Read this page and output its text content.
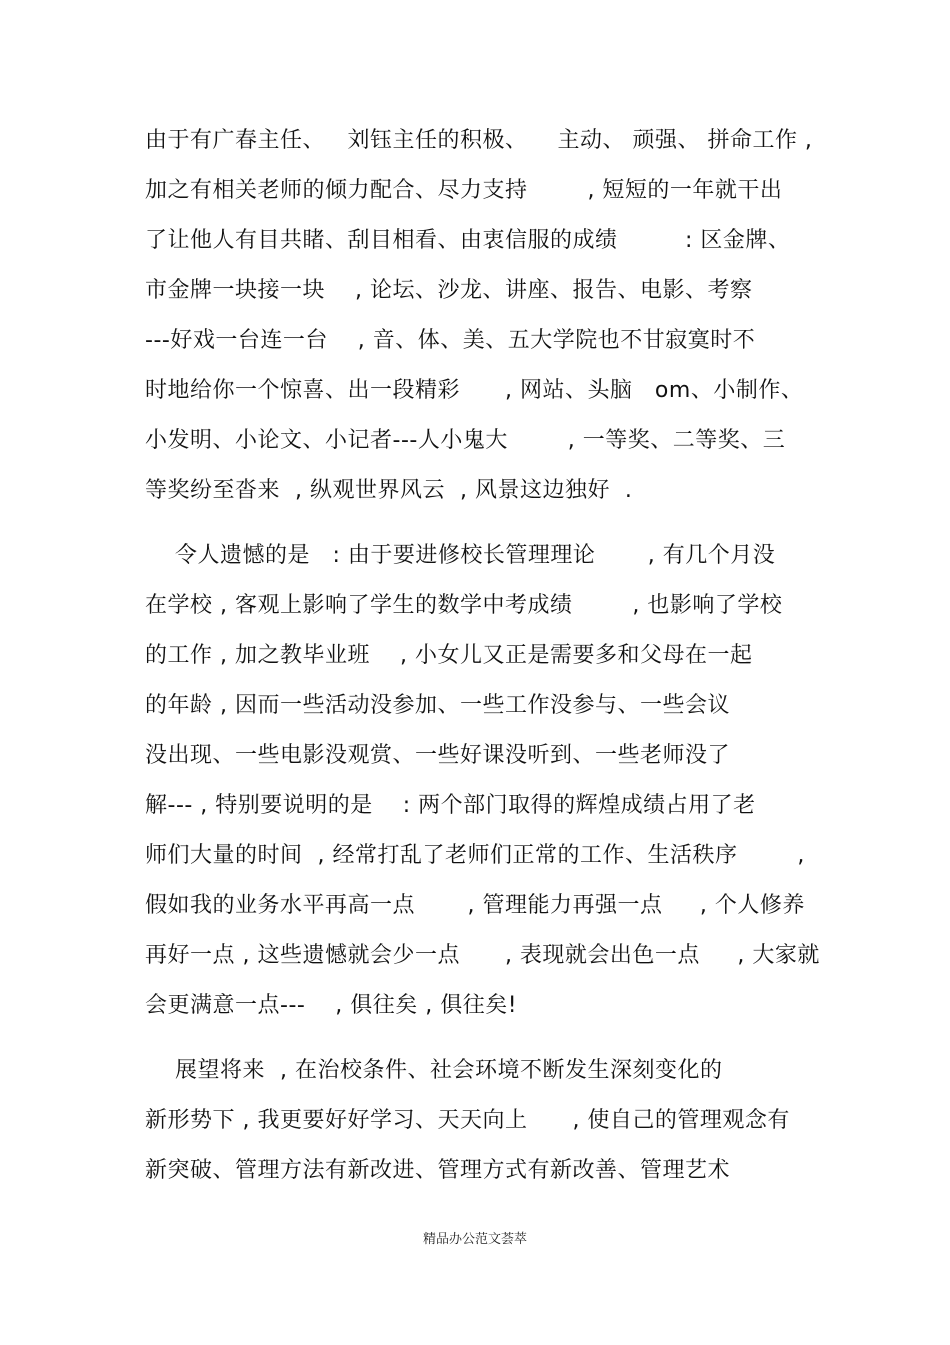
由于有广春主任、   刘钰主任的积极、    主动、 顽强、 拼命工作 ,
加之有相关老师的倾力配合、尽力支持        , 短短的一年就干出
了让他人有目共睹、刮目相看、由衷信服的成绩         : 区金牌、
市金牌一块接一块    , 论坛、沙龙、讲座、报告、电影、考察
---好戏一台连一台    , 音、体、美、五大学院也不甘寂寞时不
时地给你一个惊喜、出一段精彩      , 网站、头脑   om、小制作、
小发明、小论文、小记者---人小鬼大        , 一等奖、二等奖、三
等奖纷至沓来  , 纵观世界风云  , 风景这边独好  .
令人遗憾的是   : 由于要进修校长管理理论       , 有几个月没
在学校 , 客观上影响了学生的数学中考成绩        , 也影响了学校
的工作 , 加之教毕业班    , 小女儿又正是需要多和父母在一起
的年龄 , 因而一些活动没参加、一些工作没参与、一些会议
没出现、一些电影没观赏、一些好课没听到、一些老师没了
解--- , 特别要说明的是    : 两个部门取得的辉煌成绩占用了老
师们大量的时间  , 经常打乱了老师们正常的工作、生活秩序        ,
假如我的业务水平再高一点       , 管理能力再强一点     , 个人修养
再好一点 , 这些遗憾就会少一点      , 表现就会出色一点     , 大家就
会更满意一点---    , 俱往矣 , 俱往矣!
展望将来  , 在治校条件、社会环境不断发生深刻变化的
新形势下 , 我更要好好学习、天天向上      , 使自己的管理观念有
新突破、管理方法有新改进、管理方式有新改善、管理艺术
精品办公范文荟萃
